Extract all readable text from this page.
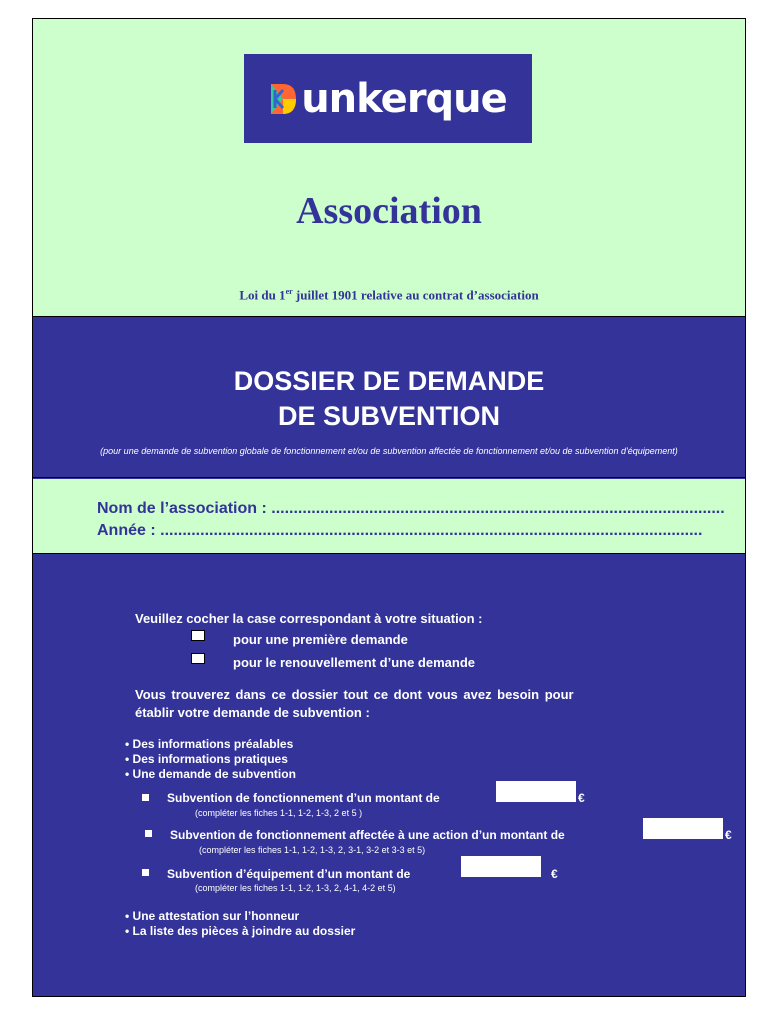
unkerque
Association
Loi du 1er juillet 1901 relative au contrat d’association
DOSSIER DE DEMANDE
DE SUBVENTION
(pour une demande de subvention globale de fonctionnement et/ou de subvention affectée de fonctionnement et/ou de subvention d'équipement)
Nom de l’association : ......................................................................................................
Année : ..........................................................................................................................
Veuillez cocher la case correspondant à votre situation :
pour une première demande
pour le renouvellement d’une demande
Vous trouverez dans ce dossier tout ce dont vous avez besoin pour
établir votre demande de subvention :
• Des informations préalables
• Des informations pratiques
• Une demande de subvention
Subvention de fonctionnement d’un montant de	€
(compléter les fiches 1-1, 1-2, 1-3, 2 et 5 )
Subvention de fonctionnement affectée à une action d’un montant de	€
(compléter les fiches 1-1, 1-2, 1-3, 2, 3-1, 3-2 et 3-3 et 5)
Subvention d’équipement d’un montant de	€
(compléter les fiches 1-1, 1-2, 1-3, 2, 4-1, 4-2 et 5)
• Une attestation sur l’honneur
• La liste des pièces à joindre au dossier
